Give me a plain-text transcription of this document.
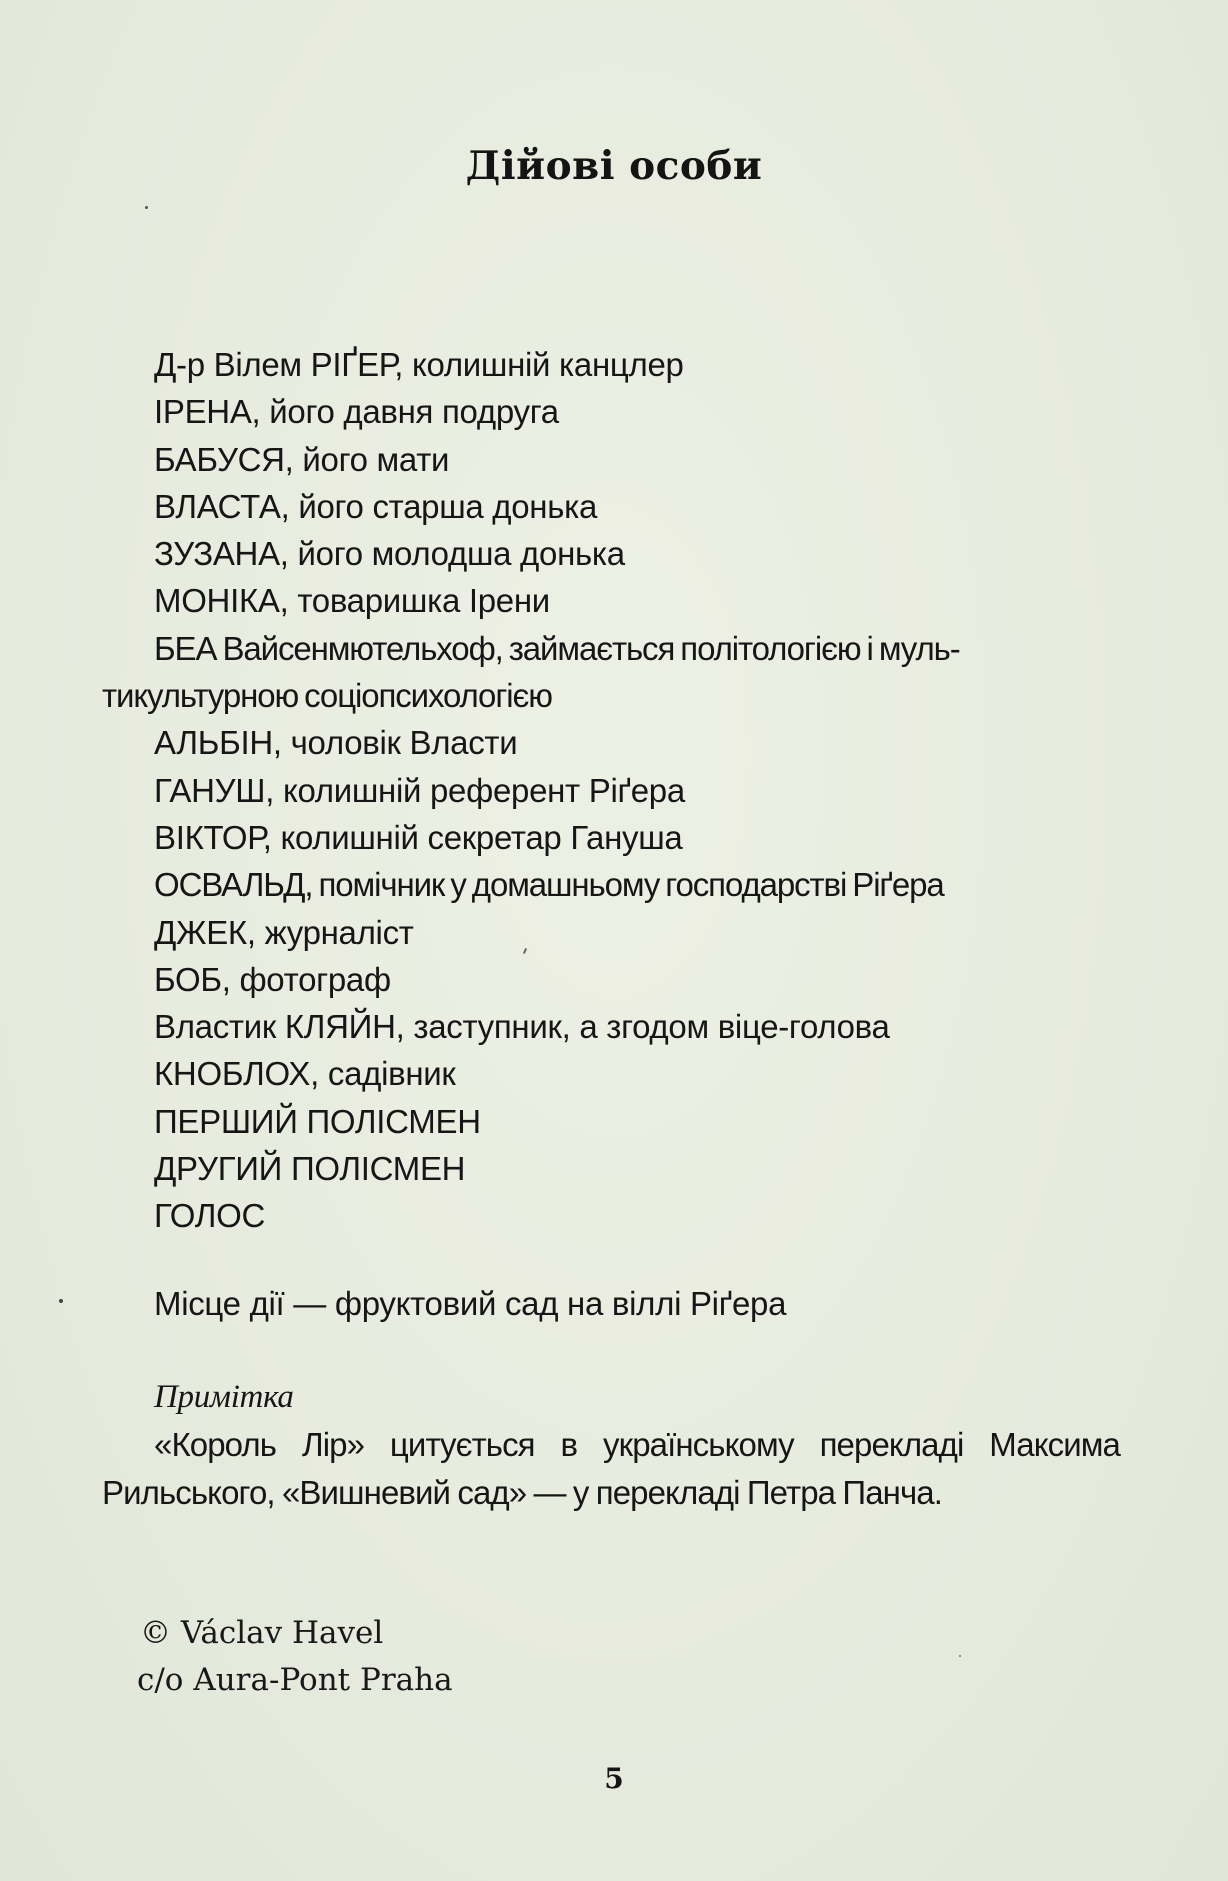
Дійові особи
Д-р Вілем РІҐЕР, колишній канцлер
ІРЕНА, його давня подруга
БАБУСЯ, його мати
ВЛАСТА, його старша донька
ЗУЗАНА, його молодша донька
МОНІКА, товаришка Ірени
БЕА Вайсенмютельхоф, займається політологією і муль-
тикультурною соціопсихологією
АЛЬБІН, чоловік Власти
ГАНУШ, колишній референт Ріґера
ВІКТОР, колишній секретар Гануша
ОСВАЛЬД, помічник у домашньому господарстві Ріґера
ДЖЕК, журналіст
БОБ, фотограф
Властик КЛЯЙН, заступник, а згодом віце-голова
КНОБЛОХ, садівник
ПЕРШИЙ ПОЛІСМЕН
ДРУГИЙ ПОЛІСМЕН
ГОЛОС
Місце дії — фруктовий сад на віллі Ріґера
Примітка
«Король Лір» цитується в українському перекладі Максима Рильського, «Вишневий сад» — у перекладі Петра Панча.
© Václav Havel
c/o Aura-Pont Praha
5
